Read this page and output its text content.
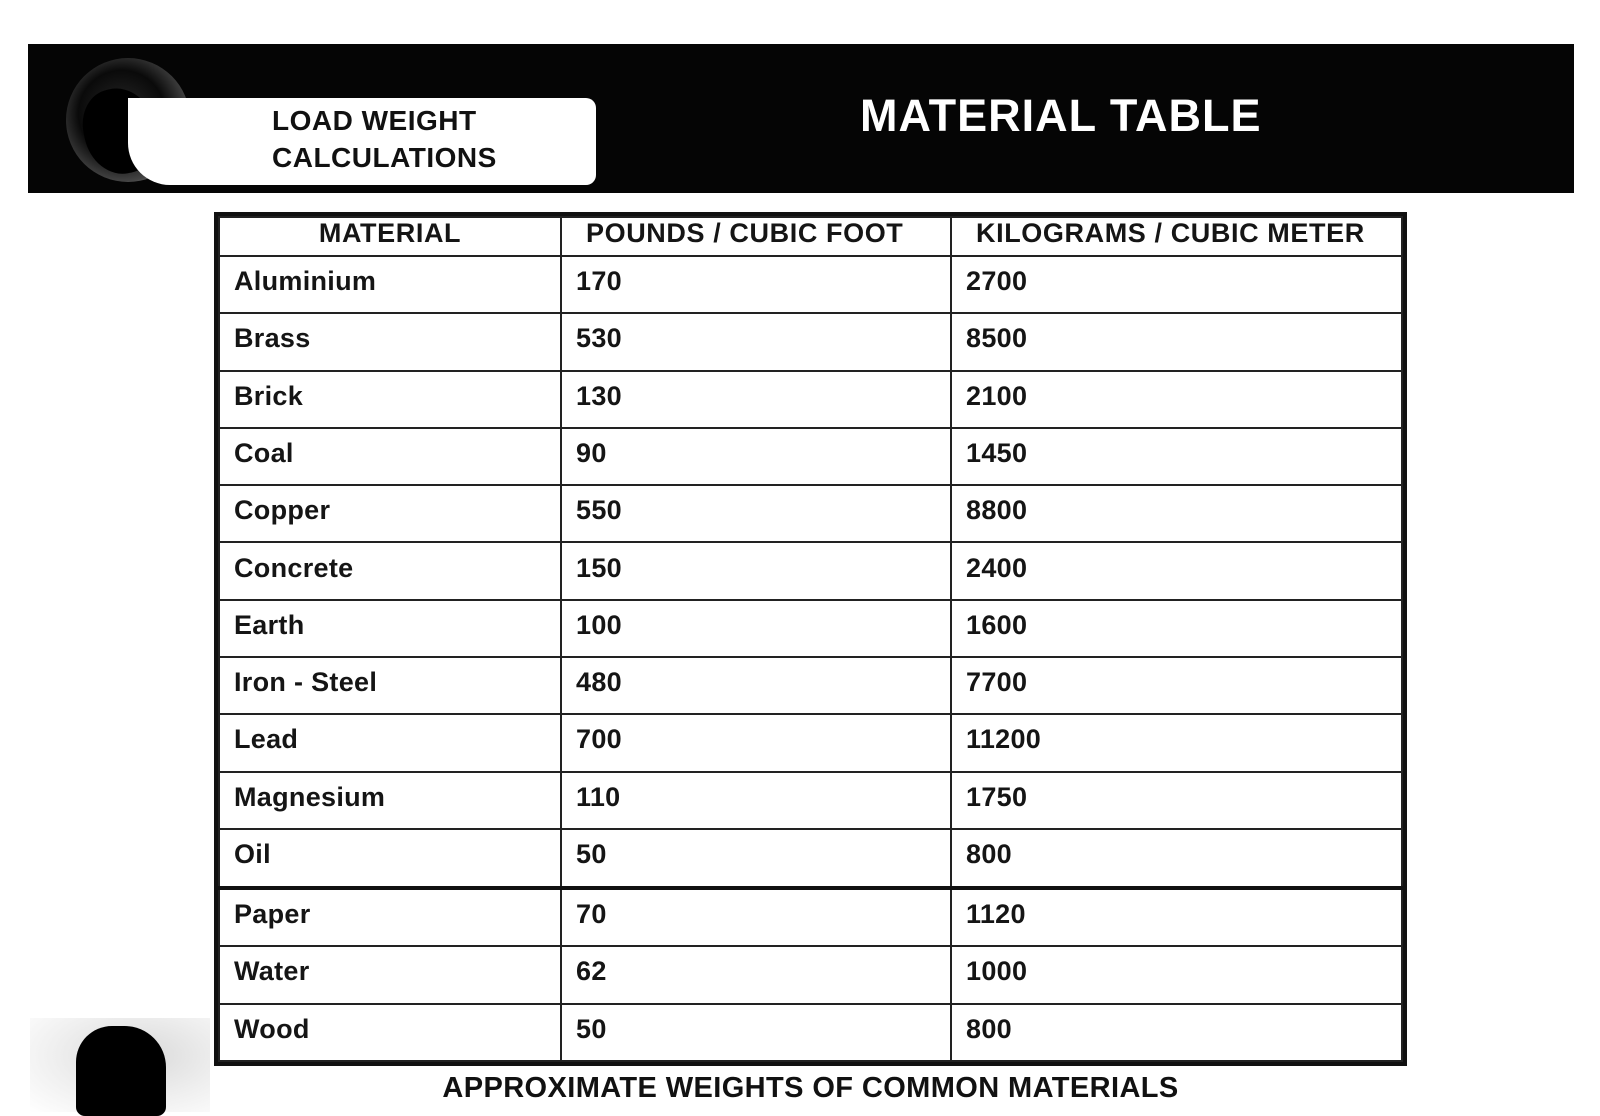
LOAD WEIGHT
CALCULATIONS
MATERIAL TABLE
MATERIAL	POUNDS / CUBIC FOOT	KILOGRAMS / CUBIC METER
Aluminium	170	2700
Brass	530	8500
Brick	130	2100
Coal	90	1450
Copper	550	8800
Concrete	150	2400
Earth	100	1600
Iron - Steel	480	7700
Lead	700	11200
Magnesium	110	1750
Oil	50	800
Paper	70	1120
Water	62	1000
Wood	50	800
APPROXIMATE WEIGHTS OF COMMON MATERIALS
